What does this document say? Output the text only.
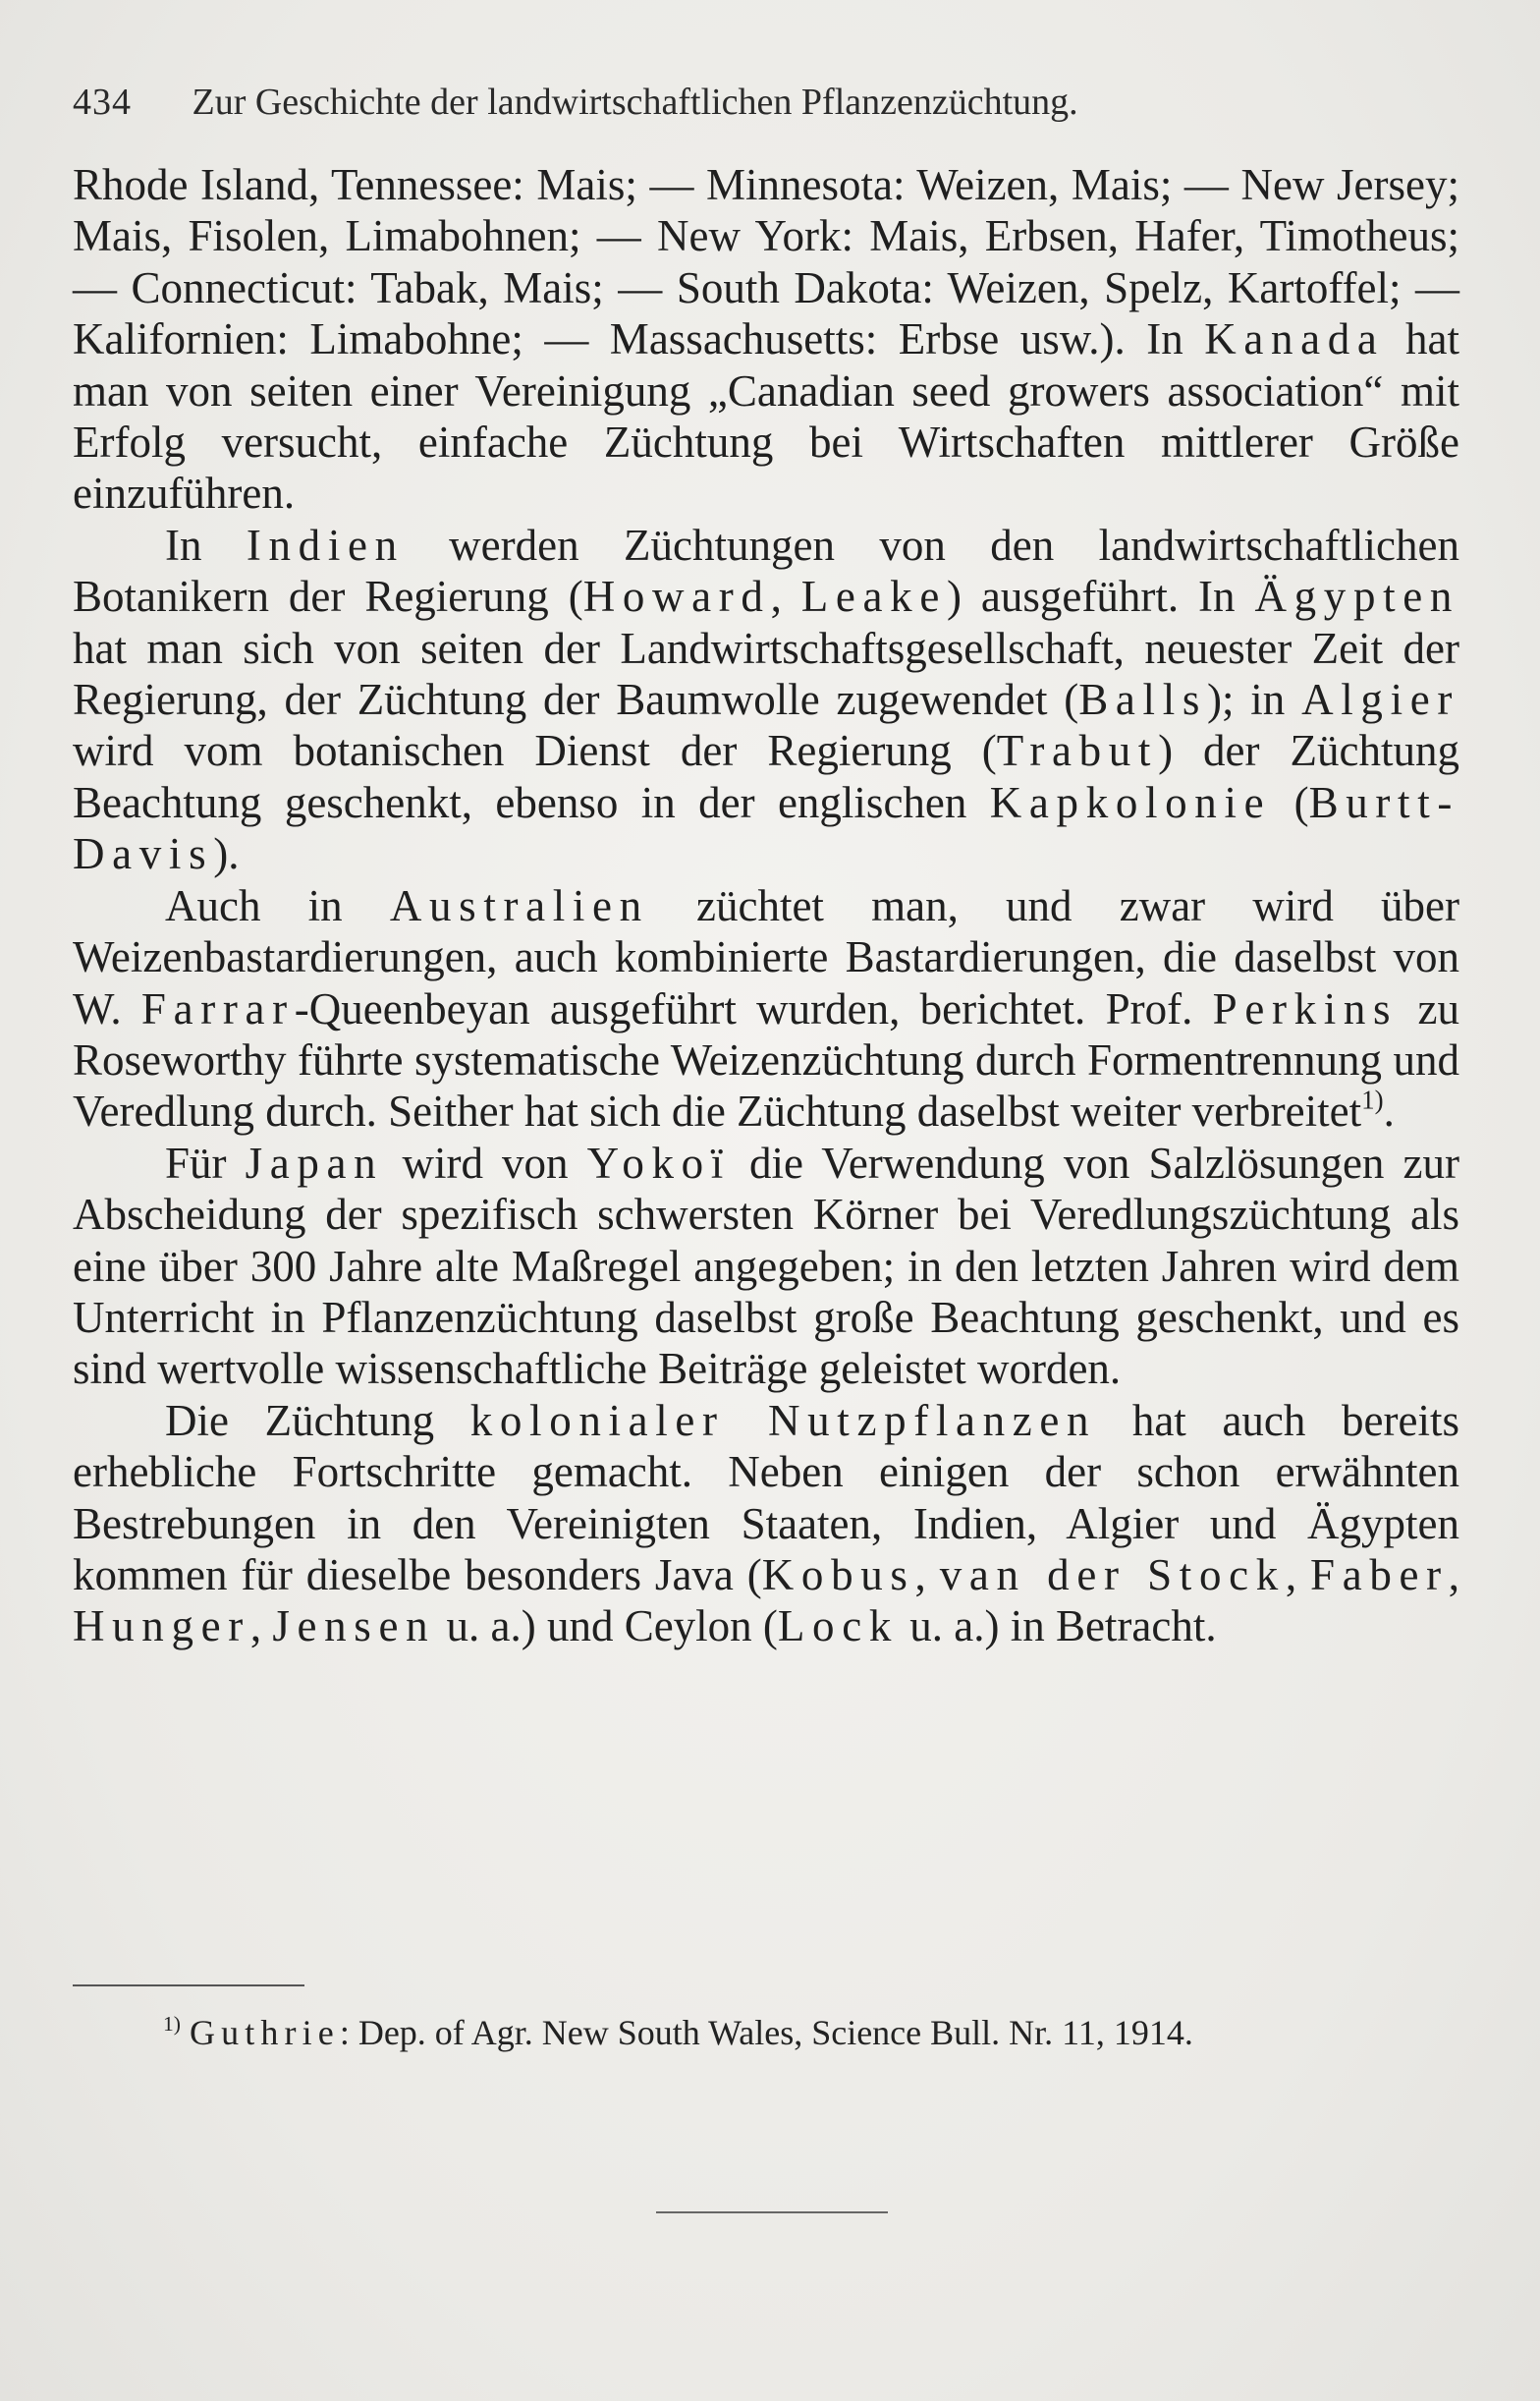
434 Zur Geschichte der landwirtschaftlichen Pflanzenzüchtung.

Rhode Island, Tennessee: Mais; — Minnesota: Weizen, Mais; — New Jersey; Mais, Fisolen, Limabohnen; — New York: Mais, Erbsen, Hafer, Timotheus; — Connecticut: Tabak, Mais; — South Dakota: Weizen, Spelz, Kartoffel; — Kalifornien: Limabohne; — Massachusetts: Erbse usw.). In Kanada hat man von seiten einer Vereinigung „Canadian seed growers association“ mit Erfolg versucht, einfache Züchtung bei Wirtschaften mittlerer Größe einzuführen.

In Indien werden Züchtungen von den landwirtschaftlichen Botanikern der Regierung (Howard, Leake) ausgeführt. In Ägypten hat man sich von seiten der Landwirtschaftsgesellschaft, neuester Zeit der Regierung, der Züchtung der Baumwolle zugewendet (Balls); in Algier wird vom botanischen Dienst der Regierung (Trabut) der Züchtung Beachtung geschenkt, ebenso in der englischen Kapkolonie (Burtt-Davis).

Auch in Australien züchtet man, und zwar wird über Weizenbastardierungen, auch kombinierte Bastardierungen, die daselbst von W. Farrar-Queenbeyan ausgeführt wurden, berichtet. Prof. Perkins zu Roseworthy führte systematische Weizenzüchtung durch Formentrennung und Veredlung durch. Seither hat sich die Züchtung daselbst weiter verbreitet$^{1)}$.

Für Japan wird von Yokoï die Verwendung von Salzlösungen zur Abscheidung der spezifisch schwersten Körner bei Veredlungszüchtung als eine über 300 Jahre alte Maßregel angegeben; in den letzten Jahren wird dem Unterricht in Pflanzenzüchtung daselbst große Beachtung geschenkt, und es sind wertvolle wissenschaftliche Beiträge geleistet worden.

Die Züchtung kolonialer Nutzpflanzen hat auch bereits erhebliche Fortschritte gemacht. Neben einigen der schon erwähnten Bestrebungen in den Vereinigten Staaten, Indien, Algier und Ägypten kommen für dieselbe besonders Java (Kobus, van der Stock, Faber, Hunger, Jensen u. a.) und Ceylon (Lock u. a.) in Betracht.

$^{1)}$ Guthrie: Dep. of Agr. New South Wales, Science Bull. Nr. 11, 1914.
